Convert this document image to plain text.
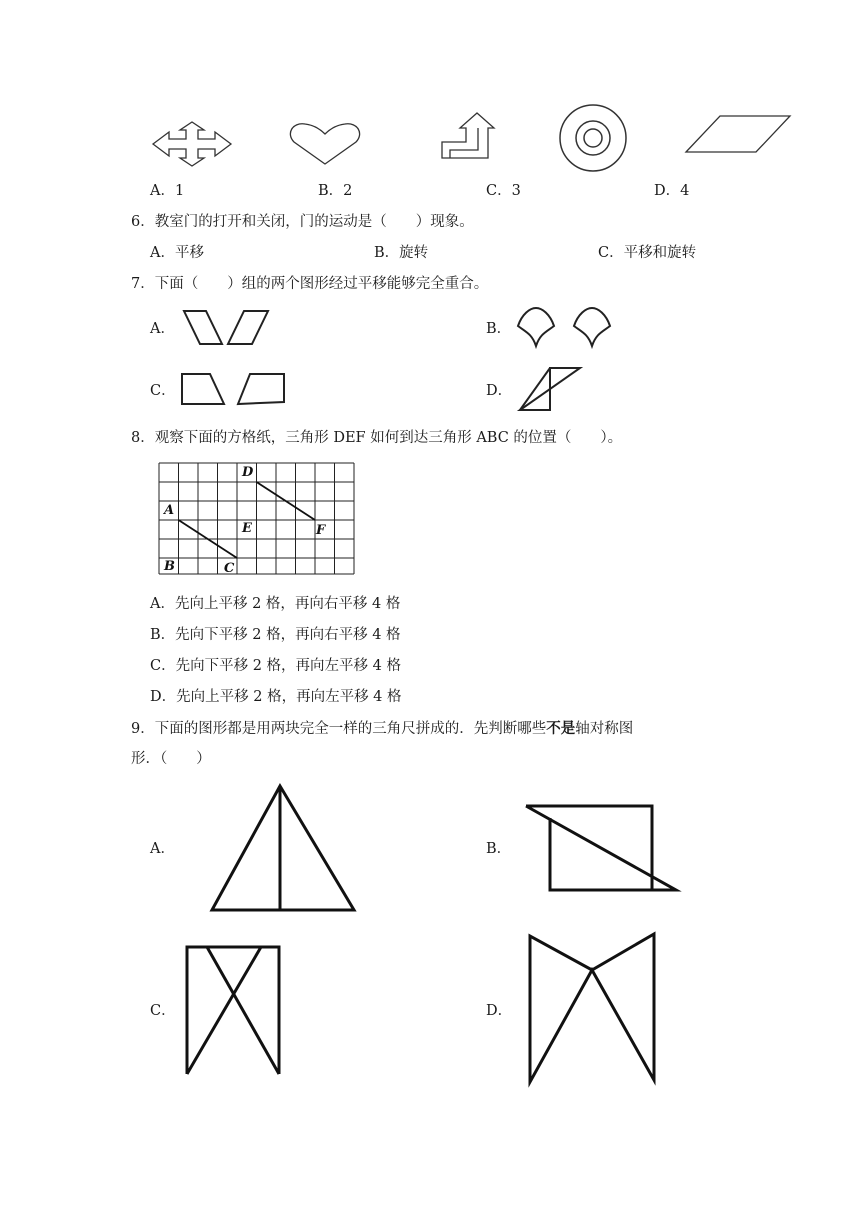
A．1	B．2	C．3	D．4
6．教室门的打开和关闭，门的运动是（　　）现象。
A．平移	B．旋转	C．平移和旋转
7．下面（　　）组的两个图形经过平移能够完全重合。
A．	B．
C．	D．
8．观察下面的方格纸，三角形 DEF 如何到达三角形 ABC 的位置（　　）。
A
B	C
D
E	F
A．先向上平移 2 格，再向右平移 4 格
B．先向下平移 2 格，再向右平移 4 格
C．先向下平移 2 格，再向左平移 4 格
D．先向上平移 2 格，再向左平移 4 格
9．下面的图形都是用两块完全一样的三角尺拼成的．先判断哪些不是轴对称图
形．（　　）
A．	B．
C．	D．
